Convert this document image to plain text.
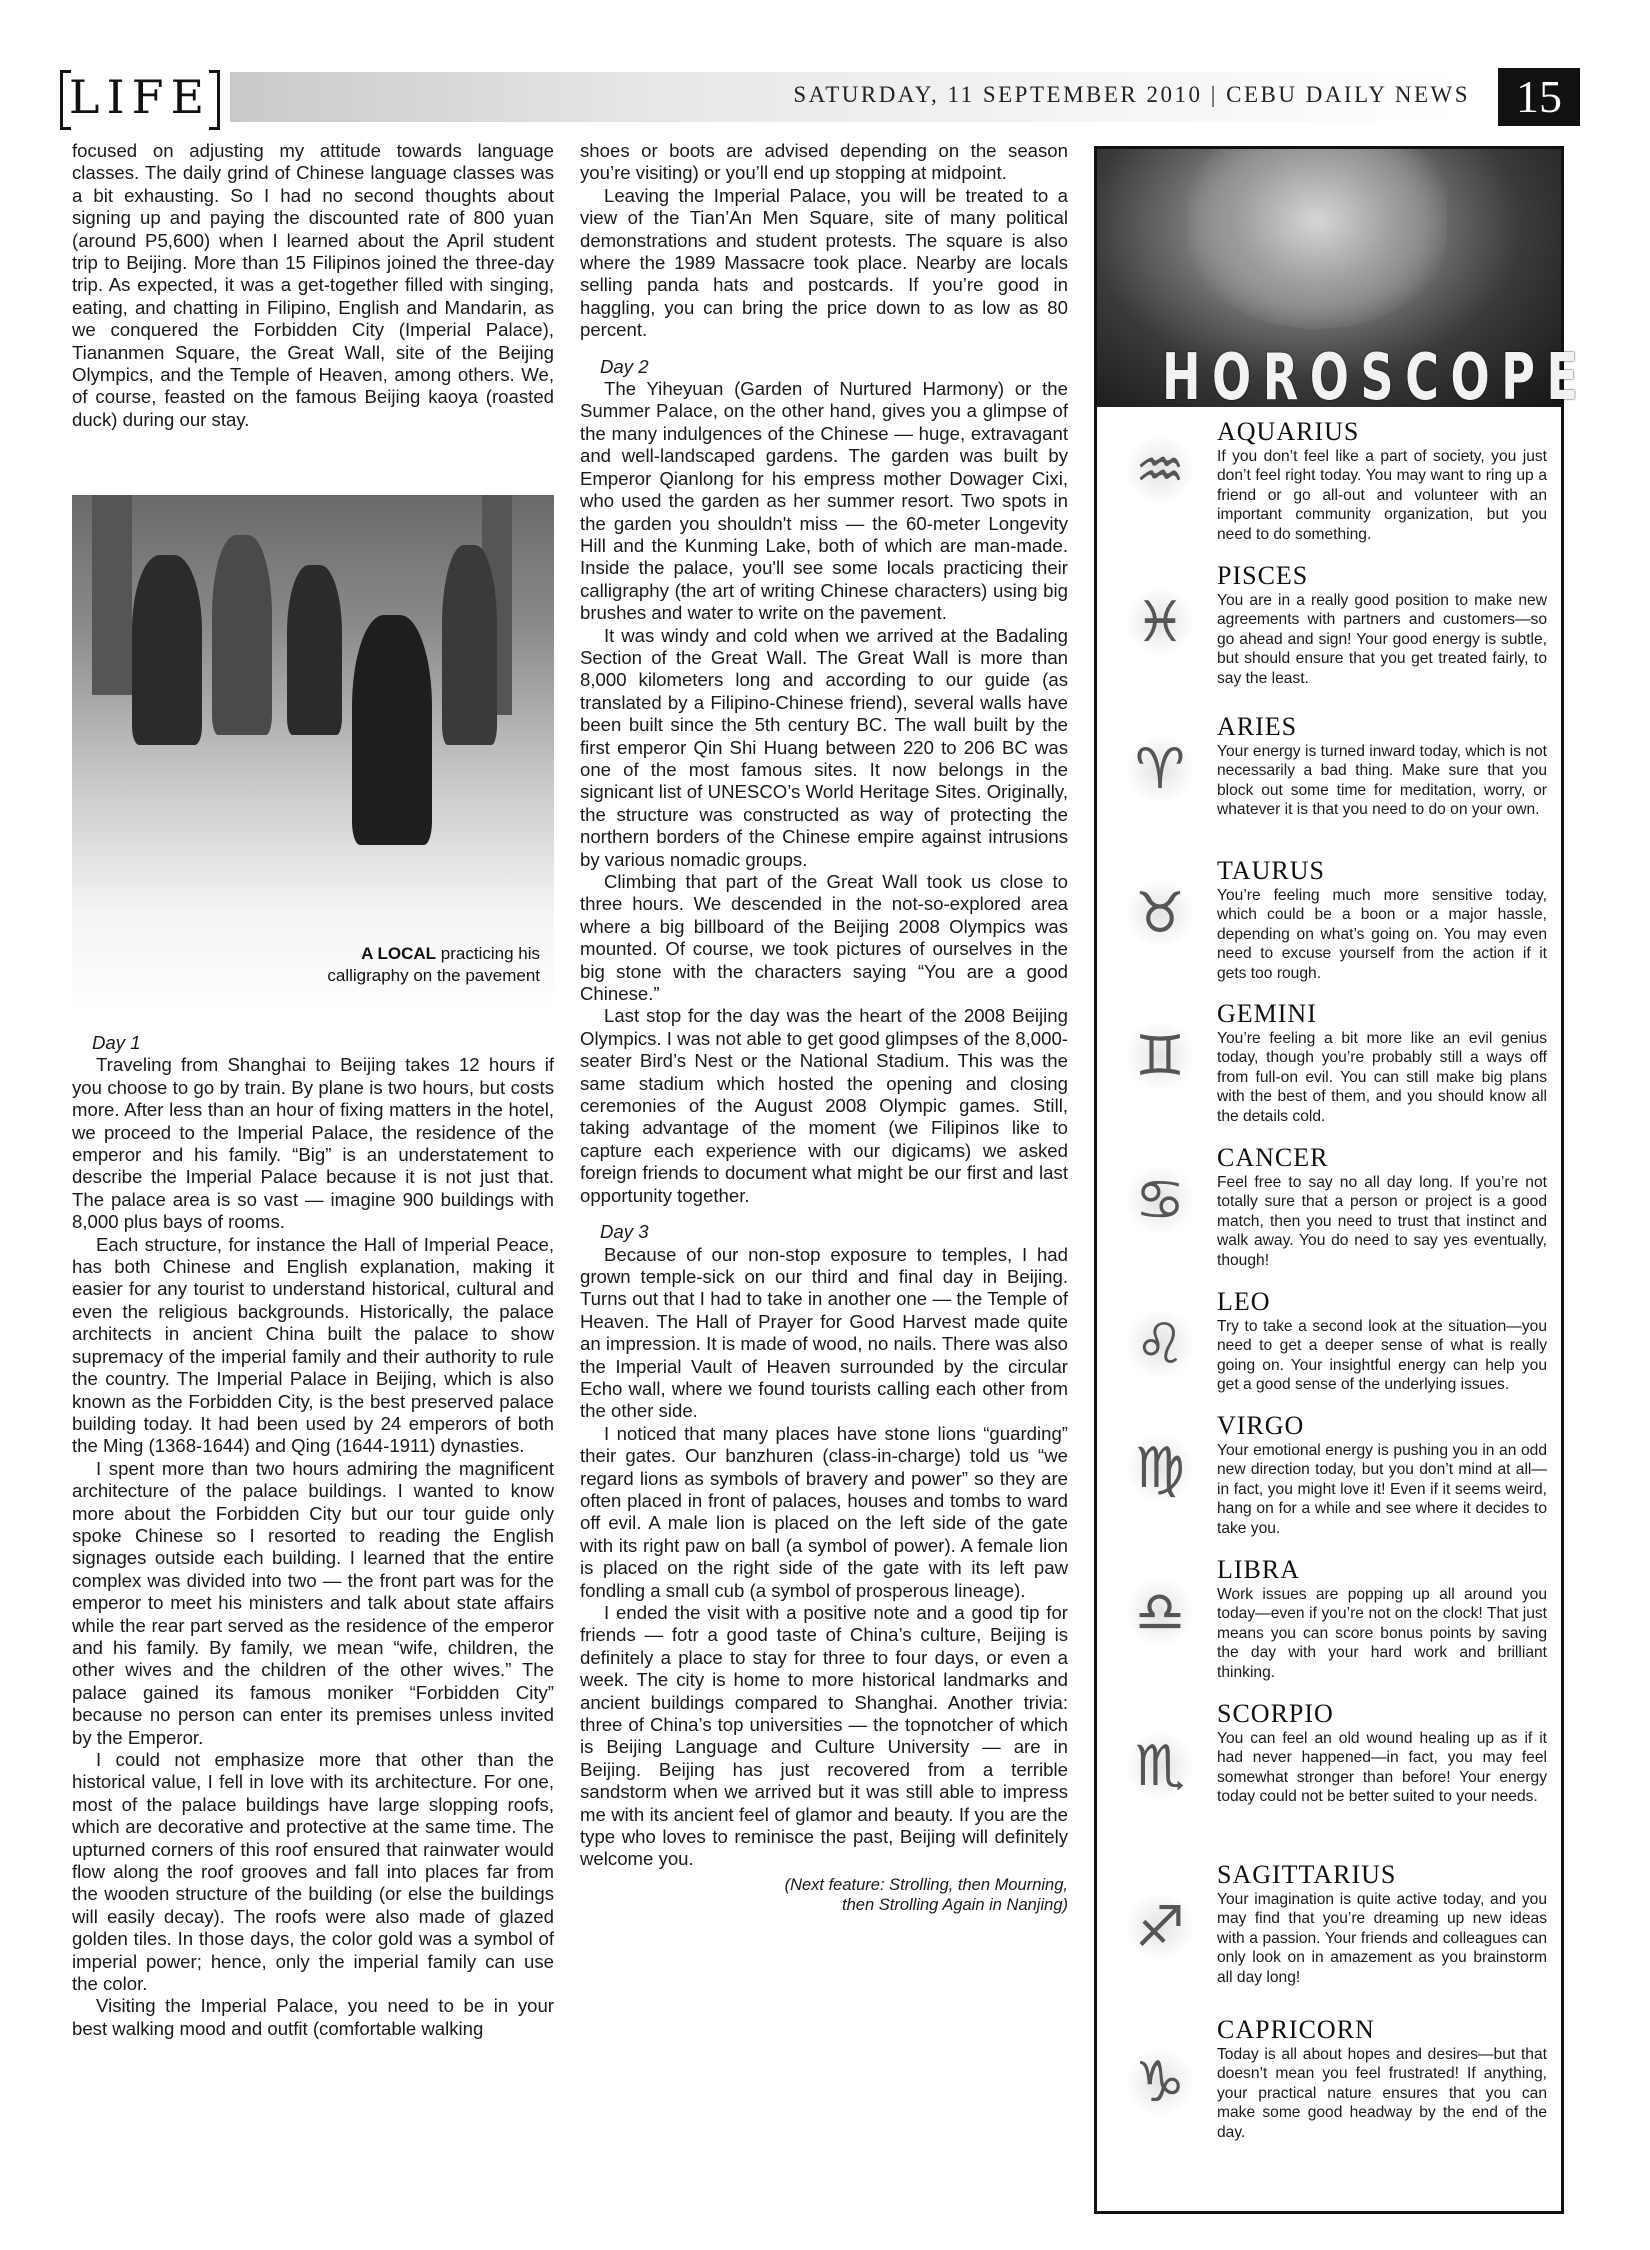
LIFE	SATURDAY, 11 SEPTEMBER 2010 | CEBU DAILY NEWS	15

focused on adjusting my attitude towards language classes. The daily grind of Chinese language classes was a bit exhausting. So I had no second thoughts about signing up and paying the discounted rate of 800 yuan (around P5,600) when I learned about the April student trip to Beijing. More than 15 Filipinos joined the three-day trip. As expected, it was a get-together filled with singing, eating, and chatting in Filipino, English and Mandarin, as we conquered the Forbidden City (Imperial Palace), Tiananmen Square, the Great Wall, site of the Beijing Olympics, and the Temple of Heaven, among others. We, of course, feasted on the famous Beijing kaoya (roasted duck) during our stay.

A LOCAL practicing his
calligraphy on the pavement

Day 1

Traveling from Shanghai to Beijing takes 12 hours if you choose to go by train. By plane is two hours, but costs more. After less than an hour of fixing matters in the hotel, we proceed to the Imperial Palace, the residence of the emperor and his family. “Big” is an understatement to describe the Imperial Palace because it is not just that. The palace area is so vast — imagine 900 buildings with 8,000 plus bays of rooms.

Each structure, for instance the Hall of Imperial Peace, has both Chinese and English explanation, making it easier for any tourist to understand historical, cultural and even the religious backgrounds. Historically, the palace architects in ancient China built the palace to show supremacy of the imperial family and their authority to rule the country. The Imperial Palace in Beijing, which is also known as the Forbidden City, is the best preserved palace building today. It had been used by 24 emperors of both the Ming (1368-1644) and Qing (1644-1911) dynasties.

I spent more than two hours admiring the magnificent architecture of the palace buildings. I wanted to know more about the Forbidden City but our tour guide only spoke Chinese so I resorted to reading the English signages outside each building. I learned that the entire complex was divided into two — the front part was for the emperor to meet his ministers and talk about state affairs while the rear part served as the residence of the emperor and his family. By family, we mean “wife, children, the other wives and the children of the other wives.” The palace gained its famous moniker “Forbidden City” because no person can enter its premises unless invited by the Emperor.

I could not emphasize more that other than the historical value, I fell in love with its architecture. For one, most of the palace buildings have large slopping roofs, which are decorative and protective at the same time. The upturned corners of this roof ensured that rainwater would flow along the roof grooves and fall into places far from the wooden structure of the building (or else the buildings will easily decay). The roofs were also made of glazed golden tiles. In those days, the color gold was a symbol of imperial power; hence, only the imperial family can use the color.

Visiting the Imperial Palace, you need to be in your best walking mood and outfit (comfortable walking

shoes or boots are advised depending on the season you’re visiting) or you’ll end up stopping at midpoint.

Leaving the Imperial Palace, you will be treated to a view of the Tian’An Men Square, site of many political demonstrations and student protests. The square is also where the 1989 Massacre took place. Nearby are locals selling panda hats and postcards. If you’re good in haggling, you can bring the price down to as low as 80 percent.

Day 2

The Yiheyuan (Garden of Nurtured Harmony) or the Summer Palace, on the other hand, gives you a glimpse of the many indulgences of the Chinese — huge, extravagant and well-landscaped gardens. The garden was built by Emperor Qianlong for his empress mother Dowager Cixi, who used the garden as her summer resort. Two spots in the garden you shouldn't miss — the 60-meter Longevity Hill and the Kunming Lake, both of which are man-made. Inside the palace, you'll see some locals practicing their calligraphy (the art of writing Chinese characters) using big brushes and water to write on the pavement.

It was windy and cold when we arrived at the Badaling Section of the Great Wall. The Great Wall is more than 8,000 kilometers long and according to our guide (as translated by a Filipino-Chinese friend), several walls have been built since the 5th century BC. The wall built by the first emperor Qin Shi Huang between 220 to 206 BC was one of the most famous sites. It now belongs in the signicant list of UNESCO’s World Heritage Sites. Originally, the structure was constructed as way of protecting the northern borders of the Chinese empire against intrusions by various nomadic groups.

Climbing that part of the Great Wall took us close to three hours. We descended in the not-so-explored area where a big billboard of the Beijing 2008 Olympics was mounted. Of course, we took pictures of ourselves in the big stone with the characters saying “You are a good Chinese.”

Last stop for the day was the heart of the 2008 Beijing Olympics. I was not able to get good glimpses of the 8,000-seater Bird’s Nest or the National Stadium. This was the same stadium which hosted the opening and closing ceremonies of the August 2008 Olympic games. Still, taking advantage of the moment (we Filipinos like to capture each experience with our digicams) we asked foreign friends to document what might be our first and last opportunity together.

Day 3

Because of our non-stop exposure to temples, I had grown temple-sick on our third and final day in Beijing. Turns out that I had to take in another one — the Temple of Heaven. The Hall of Prayer for Good Harvest made quite an impression. It is made of wood, no nails. There was also the Imperial Vault of Heaven surrounded by the circular Echo wall, where we found tourists calling each other from the other side.

I noticed that many places have stone lions “guarding” their gates. Our banzhuren (class-in-charge) told us “we regard lions as symbols of bravery and power” so they are often placed in front of palaces, houses and tombs to ward off evil. A male lion is placed on the left side of the gate with its right paw on ball (a symbol of power). A female lion is placed on the right side of the gate with its left paw fondling a small cub (a symbol of prosperous lineage).

I ended the visit with a positive note and a good tip for friends — fotr a good taste of China’s culture, Beijing is definitely a place to stay for three to four days, or even a week. The city is home to more historical landmarks and ancient buildings compared to Shanghai. Another trivia: three of China’s top universities — the topnotcher of which is Beijing Language and Culture University — are in Beijing. Beijing has just recovered from a terrible sandstorm when we arrived but it was still able to impress me with its ancient feel of glamor and beauty. If you are the type who loves to reminisce the past, Beijing will definitely welcome you.

(Next feature: Strolling, then Mourning,
then Strolling Again in Nanjing)
HOROSCOPE
♒
AQUARIUS
If you don’t feel like a part of society, you just don’t feel right today. You may want to ring up a friend or go all-out and volunteer with an important community organization, but you need to do something.
♓
PISCES
You are in a really good position to make new agreements with partners and customers—so go ahead and sign! Your good energy is subtle, but should ensure that you get treated fairly, to say the least.
♈
ARIES
Your energy is turned inward today, which is not necessarily a bad thing. Make sure that you block out some time for meditation, worry, or whatever it is that you need to do on your own.
♉
TAURUS
You’re feeling much more sensitive today, which could be a boon or a major hassle, depending on what’s going on. You may even need to excuse yourself from the action if it gets too rough.
♊
GEMINI
You’re feeling a bit more like an evil genius today, though you’re probably still a ways off from full-on evil. You can still make big plans with the best of them, and you should know all the details cold.
♋
CANCER
Feel free to say no all day long. If you’re not totally sure that a person or project is a good match, then you need to trust that instinct and walk away. You do need to say yes eventually, though!
♌
LEO
Try to take a second look at the situation—you need to get a deeper sense of what is really going on. Your insightful energy can help you get a good sense of the underlying issues.
♍
VIRGO
Your emotional energy is pushing you in an odd new direction today, but you don’t mind at all—in fact, you might love it! Even if it seems weird, hang on for a while and see where it decides to take you.
♎
LIBRA
Work issues are popping up all around you today—even if you’re not on the clock! That just means you can score bonus points by saving the day with your hard work and brilliant thinking.
♏
SCORPIO
You can feel an old wound healing up as if it had never happened—in fact, you may feel somewhat stronger than before! Your energy today could not be better suited to your needs.
♐
SAGITTARIUS
Your imagination is quite active today, and you may find that you’re dreaming up new ideas with a passion. Your friends and colleagues can only look on in amazement as you brainstorm all day long!
♑
CAPRICORN
Today is all about hopes and desires—but that doesn’t mean you feel frustrated! If anything, your practical nature ensures that you can make some good headway by the end of the day.
